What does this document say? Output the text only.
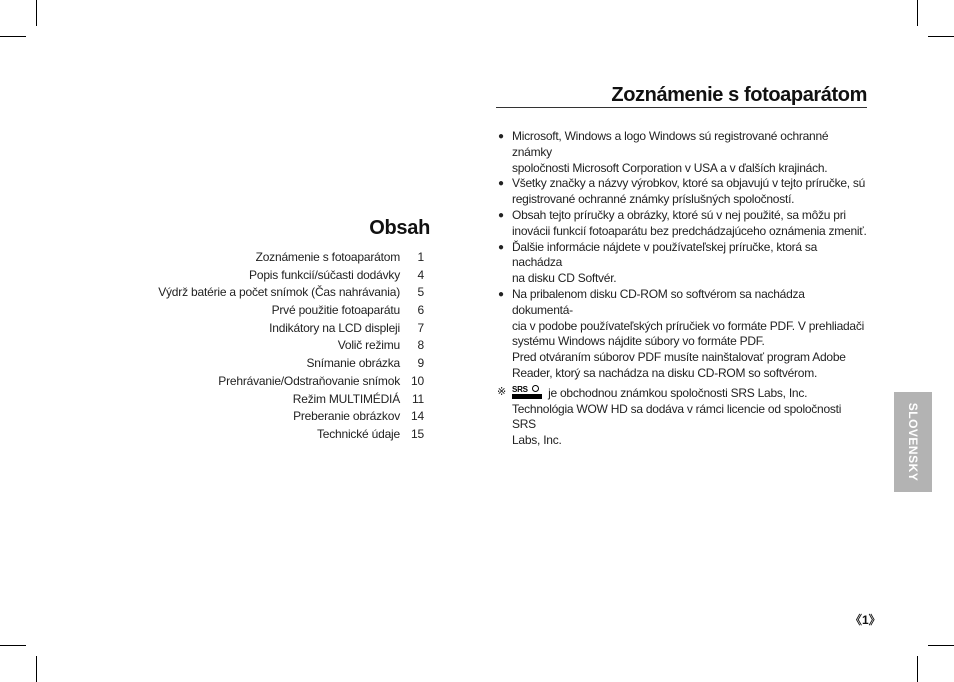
Obsah
Zoznámenie s fotoaparátom	1
Popis funkcií/súčasti dodávky	4
Výdrž batérie a počet snímok (Čas nahrávania)	5
Prvé použitie fotoaparátu	6
Indikátory na LCD displeji	7
Volič režimu	8
Snímanie obrázka	9
Prehrávanie/Odstraňovanie snímok 10
Režim MULTIMÉDIÁ 11
Preberanie obrázkov 14
Technické údaje 15
Zoznámenie s fotoaparátom
● Microsoft, Windows a logo Windows sú registrované ochranné známky

spoločnosti Microsoft Corporation v USA a v ďalších krajinách.

● Všetky značky a názvy výrobkov, ktoré sa objavujú v tejto príručke, sú

registrované ochranné známky príslušných spoločností.

● Obsah tejto príručky a obrázky, ktoré sú v nej použité, sa môžu pri

inovácii funkcií fotoaparátu bez predchádzajúceho oznámenia zmeniť.

● Ďalšie informácie nájdete v používateľskej príručke, ktorá sa nachádza

na disku CD Softvér.

● Na pribalenom disku CD-ROM so softvérom sa nachádza dokumentá-

cia v podobe používateľských príručiek vo formáte PDF. V prehliadači

systému Windows nájdite súbory vo formáte PDF.

Pred otváraním súborov PDF musíte nainštalovať program Adobe

Reader, ktorý sa nachádza na disku CD-ROM so softvérom.

※ SRS je obchodnou známkou spoločnosti SRS Labs, Inc.

Technológia WOW HD sa dodáva v rámci licencie od spoločnosti SRS

Labs, Inc.	SLOVENSKY
《1》
